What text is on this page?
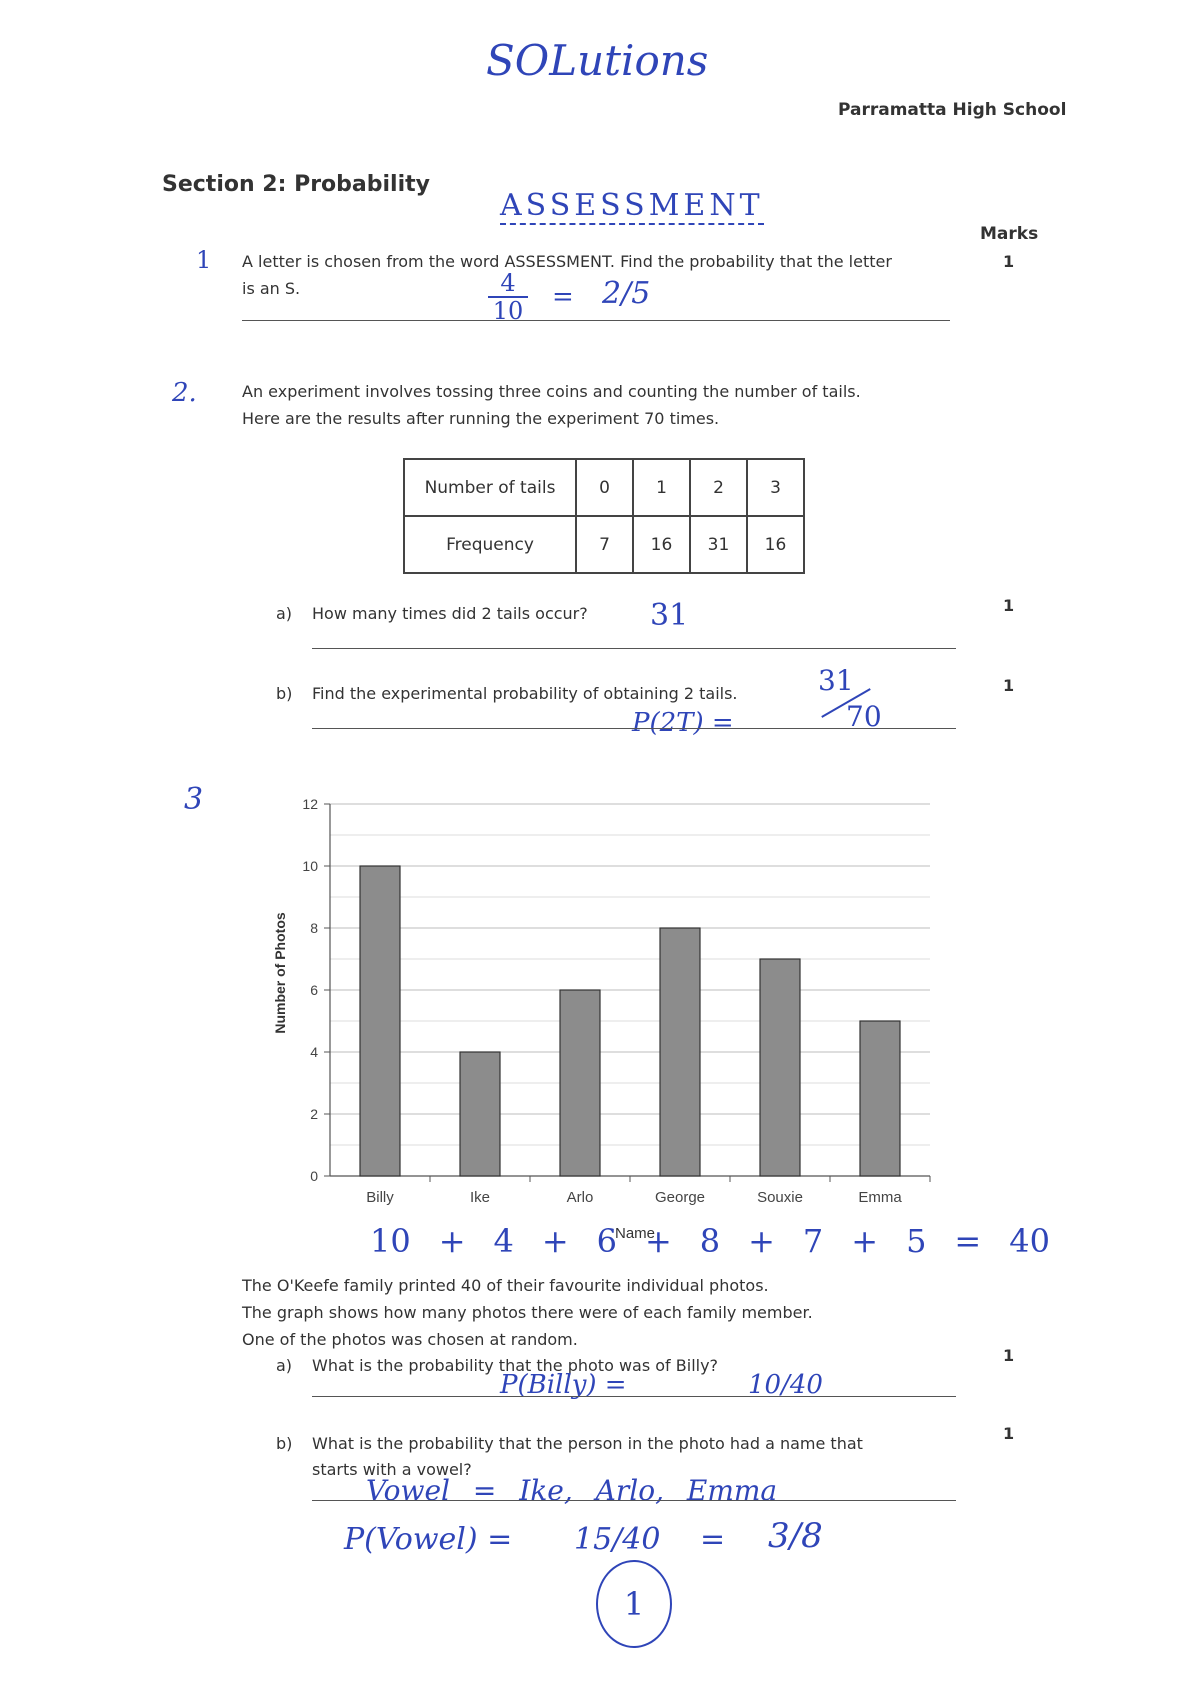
SOLutions
Parramatta High School
Section 2: Probability
ASSESSMENT
Marks
1 A letter is chosen from the word ASSESSMENT. Find the probability that the letter
is an S.
1
4
10 = 2/5
2.	An experiment involves tossing three coins and counting the number of tails.
Here are the results after running the experiment 70 times.
Number of tails	0	1	2	3
Frequency	7	16	31	16
a) How many times did 2 tails occur? 31	1
b) Find the experimental probability of obtaining 2 tails.	1
P(2T) =
31
70
3
0
2
4
6
8
10
12
Billy	Ike	Arlo	George	Souxie	Emma
Number of Photos
Name
10 + 4 + 6 + 8 + 7 + 5 = 40
The O'Keefe family printed 40 of their favourite individual photos.
The graph shows how many photos there were of each family member.
One of the photos was chosen at random.
a) What is the probability that the photo was of Billy?
1
P(Billy) =	10/40
b) What is the probability that the person in the photo had a name that
starts with a vowel?
1
Vowel = Ike, Arlo, Emma
P(Vowel) = 15/40 = 3/8
1
